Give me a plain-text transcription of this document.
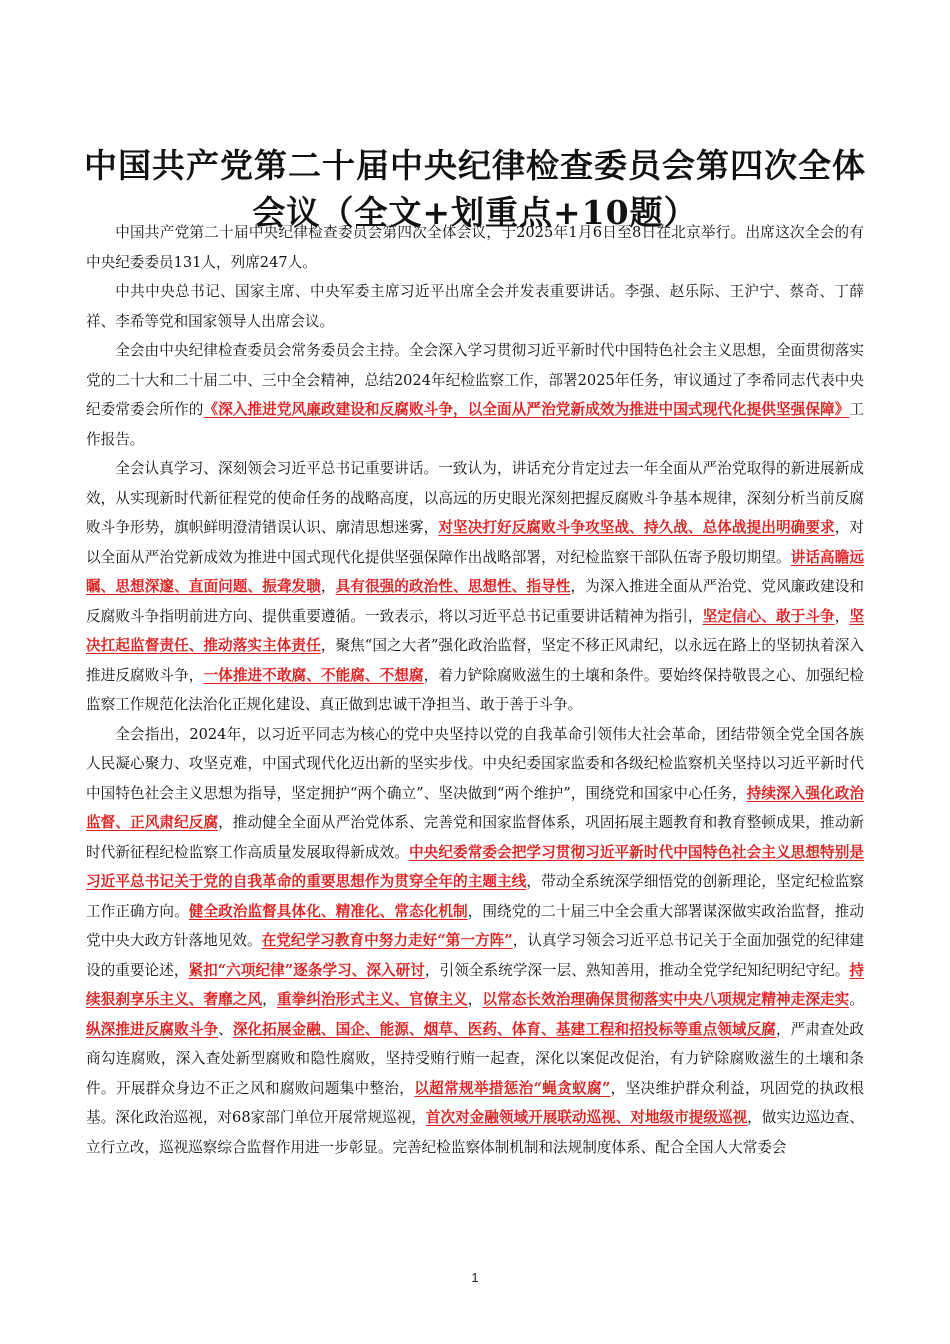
中国共产党第二十届中央纪律检查委员会第四次全体会议（全文+划重点+10题）

中国共产党第二十届中央纪律检查委员会第四次全体会议，于2025年1月6日至8日在北京举行。出席这次全会的有中央纪委委员131人，列席247人。

中共中央总书记、国家主席、中央军委主席习近平出席全会并发表重要讲话。李强、赵乐际、王沪宁、蔡奇、丁薛祥、李希等党和国家领导人出席会议。

全会由中央纪律检查委员会常务委员会主持。全会深入学习贯彻习近平新时代中国特色社会主义思想，全面贯彻落实党的二十大和二十届二中、三中全会精神，总结2024年纪检监察工作，部署2025年任务，审议通过了李希同志代表中央纪委常委会所作的《深入推进党风廉政建设和反腐败斗争，以全面从严治党新成效为推进中国式现代化提供坚强保障》工作报告。

全会认真学习、深刻领会习近平总书记重要讲话。一致认为，讲话充分肯定过去一年全面从严治党取得的新进展新成效，从实现新时代新征程党的使命任务的战略高度，以高远的历史眼光深刻把握反腐败斗争基本规律，深刻分析当前反腐败斗争形势，旗帜鲜明澄清错误认识、廓清思想迷雾，对坚决打好反腐败斗争攻坚战、持久战、总体战提出明确要求，对以全面从严治党新成效为推进中国式现代化提供坚强保障作出战略部署，对纪检监察干部队伍寄予殷切期望。讲话高瞻远瞩、思想深邃、直面问题、振聋发聩，具有很强的政治性、思想性、指导性，为深入推进全面从严治党、党风廉政建设和反腐败斗争指明前进方向、提供重要遵循。一致表示，将以习近平总书记重要讲话精神为指引，坚定信心、敢于斗争，坚决扛起监督责任、推动落实主体责任，聚焦“国之大者”强化政治监督，坚定不移正风肃纪，以永远在路上的坚韧执着深入推进反腐败斗争，一体推进不敢腐、不能腐、不想腐，着力铲除腐败滋生的土壤和条件。要始终保持敬畏之心、加强纪检监察工作规范化法治化正规化建设、真正做到忠诚干净担当、敢于善于斗争。

全会指出，2024年，以习近平同志为核心的党中央坚持以党的自我革命引领伟大社会革命，团结带领全党全国各族人民凝心聚力、攻坚克难，中国式现代化迈出新的坚实步伐。中央纪委国家监委和各级纪检监察机关坚持以习近平新时代中国特色社会主义思想为指导，坚定拥护“两个确立”、坚决做到“两个维护”，围绕党和国家中心任务，持续深入强化政治监督、正风肃纪反腐，推动健全全面从严治党体系、完善党和国家监督体系，巩固拓展主题教育和教育整顿成果，推动新时代新征程纪检监察工作高质量发展取得新成效。中央纪委常委会把学习贯彻习近平新时代中国特色社会主义思想特别是习近平总书记关于党的自我革命的重要思想作为贯穿全年的主题主线，带动全系统深学细悟党的创新理论，坚定纪检监察工作正确方向。健全政治监督具体化、精准化、常态化机制，围绕党的二十届三中全会重大部署谋深做实政治监督，推动党中央大政方针落地见效。在党纪学习教育中努力走好“第一方阵”，认真学习领会习近平总书记关于全面加强党的纪律建设的重要论述，紧扣“六项纪律”逐条学习、深入研讨，引领全系统学深一层、熟知善用，推动全党学纪知纪明纪守纪。持续狠刹享乐主义、奢靡之风，重拳纠治形式主义、官僚主义，以常态长效治理确保贯彻落实中央八项规定精神走深走实。纵深推进反腐败斗争、深化拓展金融、国企、能源、烟草、医药、体育、基建工程和招投标等重点领域反腐，严肃查处政商勾连腐败，深入查处新型腐败和隐性腐败，坚持受贿行贿一起查，深化以案促改促治，有力铲除腐败滋生的土壤和条件。开展群众身边不正之风和腐败问题集中整治，以超常规举措惩治“蝇贪蚁腐”，坚决维护群众利益，巩固党的执政根基。深化政治巡视，对68家部门单位开展常规巡视，首次对金融领域开展联动巡视、对地级市提级巡视，做实边巡边查、立行立改，巡视巡察综合监督作用进一步彰显。完善纪检监察体制机制和法规制度体系、配合全国人大常委会

1
